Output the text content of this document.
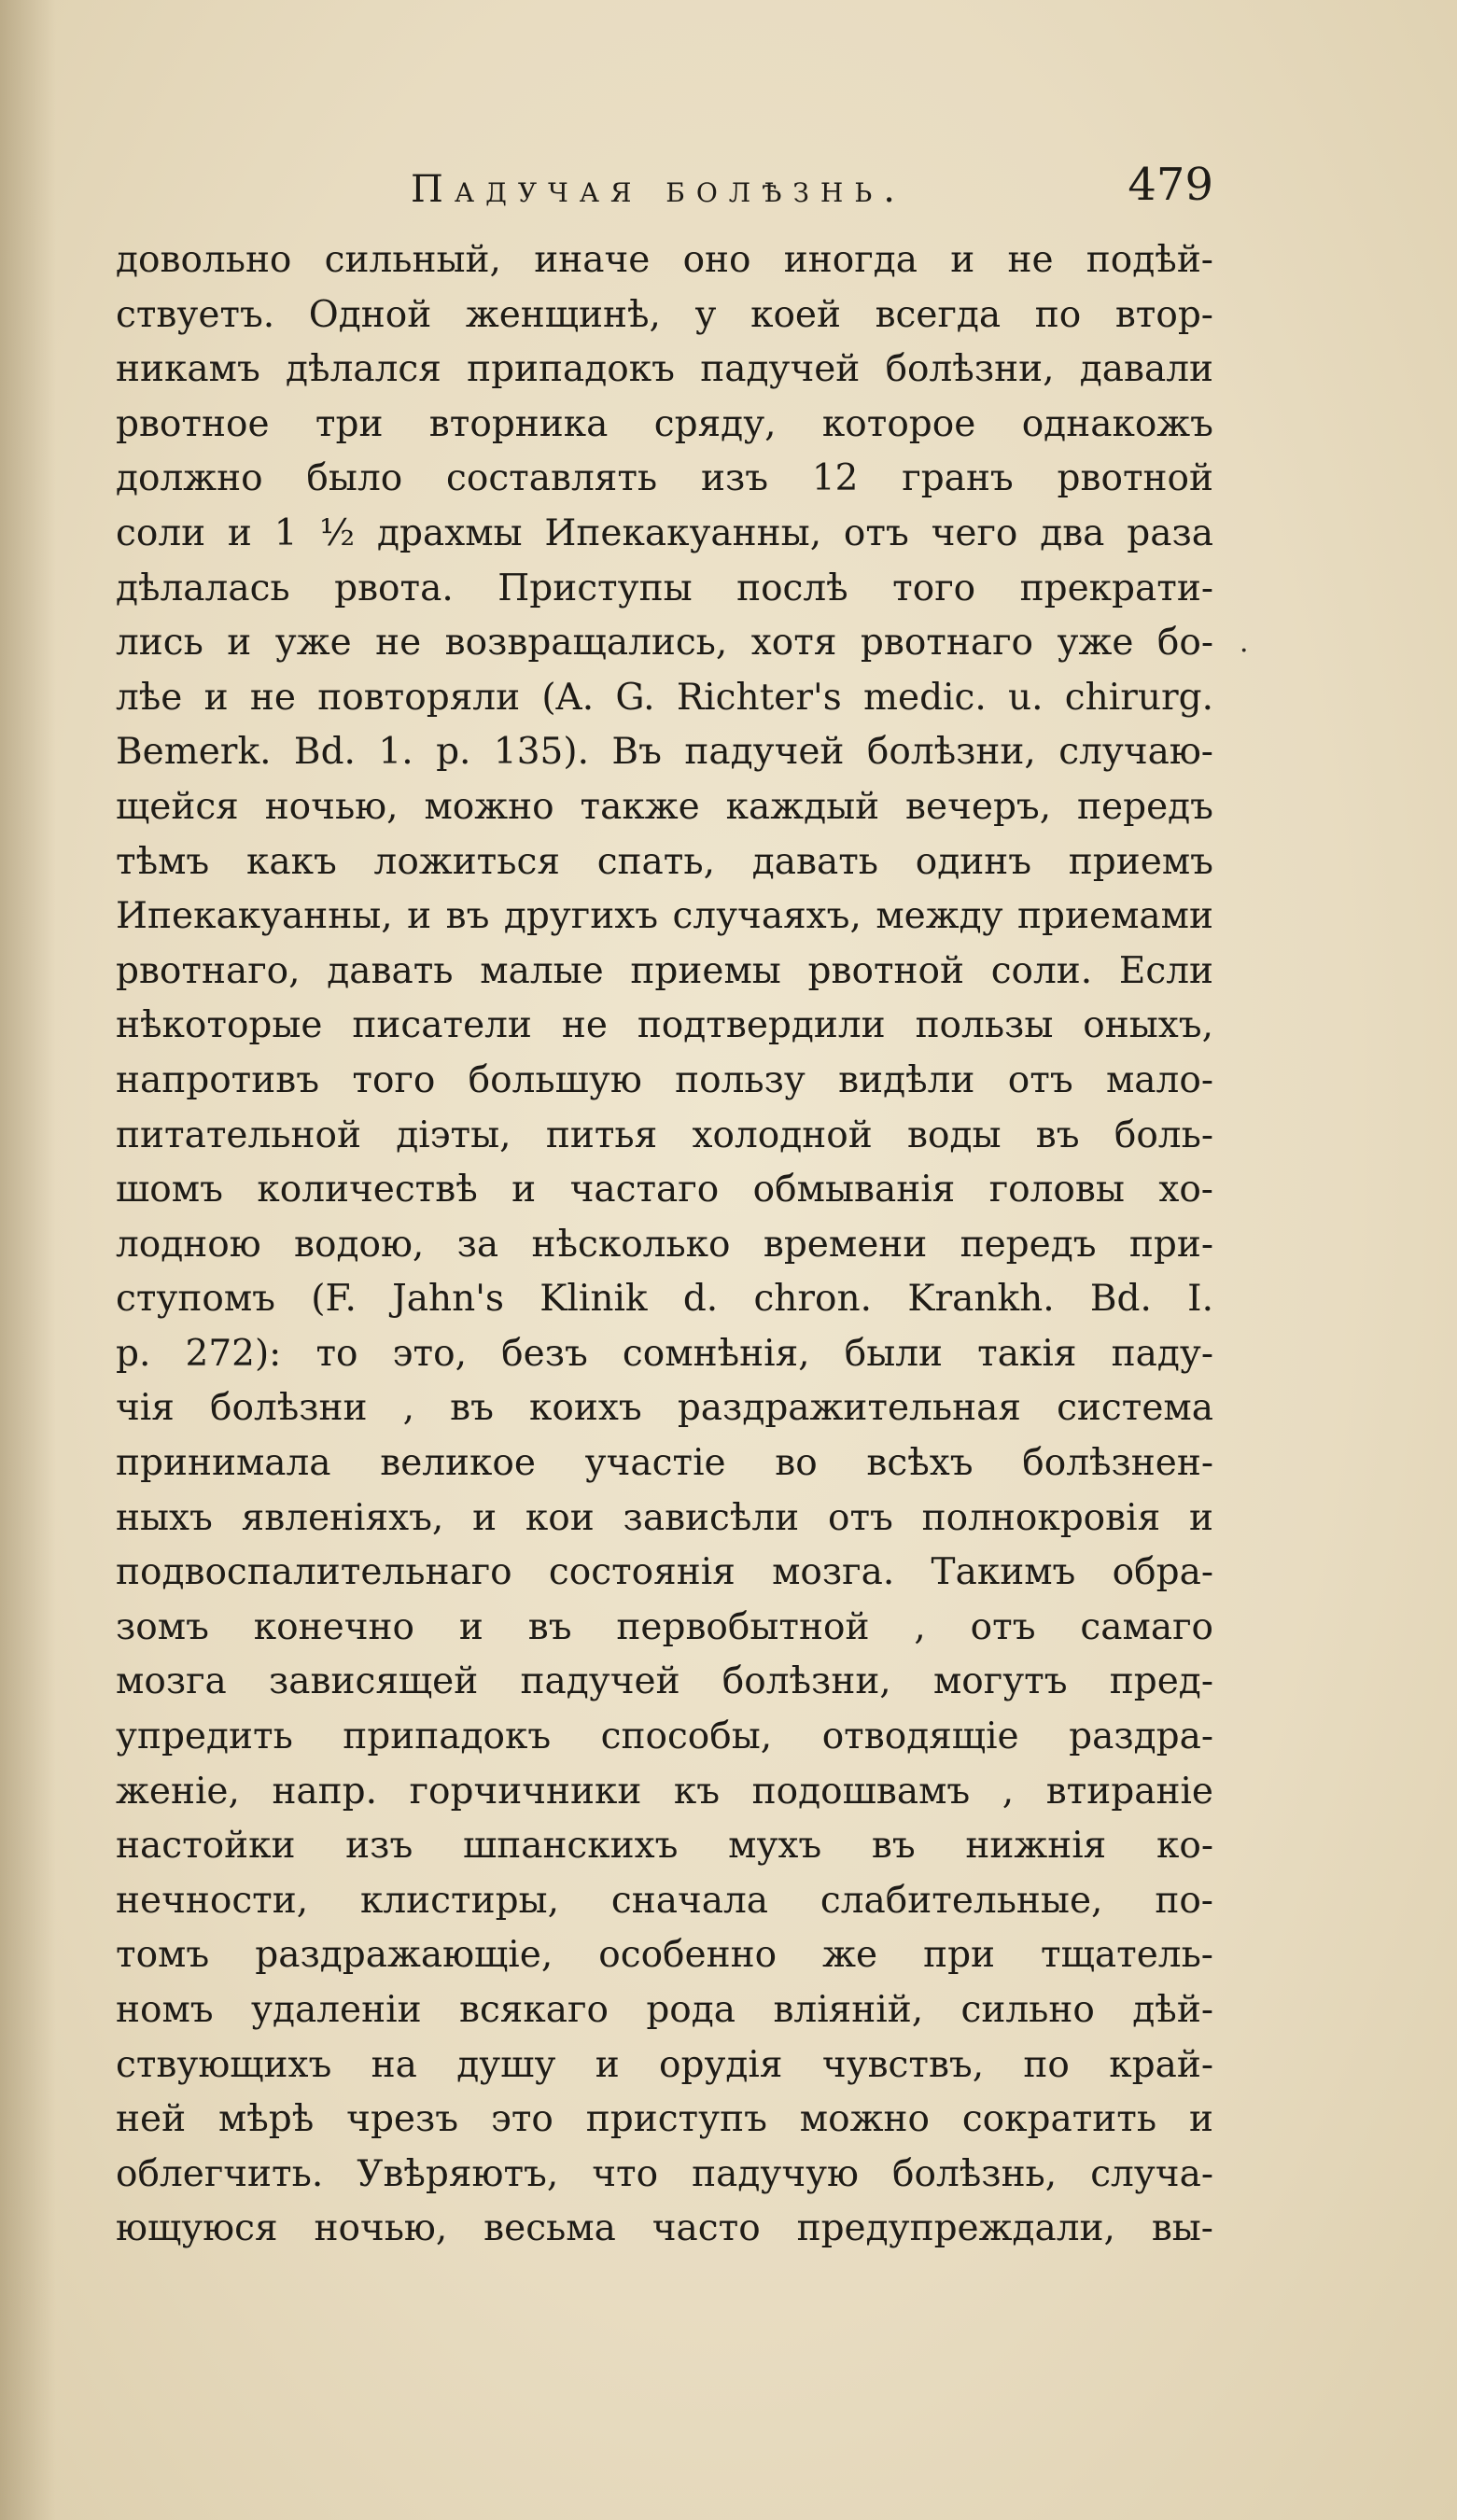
Падучая болѣзнь.	479
·
довольно сильный, иначе оно иногда и не подѣй-
ствуетъ. Одной женщинѣ, у коей всегда по втор-
никамъ дѣлался припадокъ падучей болѣзни, давали
рвотное три вторника сряду, которое однакожъ
должно было составлять изъ 12 гранъ рвотной
соли и 1 ½ драхмы Ипекакуанны, отъ чего два раза
дѣлалась рвота. Приступы послѣ того прекрати-
лись и уже не возвращались, хотя рвотнаго уже бо-
лѣе и не повторяли (A. G. Richter's medic. u. chirurg.
Bemerk. Bd. 1. p. 135). Въ падучей болѣзни, случаю-
щейся ночью, можно также каждый вечеръ, передъ
тѣмъ какъ ложиться спать, давать одинъ приемъ
Ипекакуанны, и въ другихъ случаяхъ, между приемами
рвотнаго, давать малые приемы рвотной соли. Если
нѣкоторые писатели не подтвердили пользы оныхъ,
напротивъ того большую пользу видѣли отъ мало-
питательной діэты, питья холодной воды въ боль-
шомъ количествѣ и частаго обмыванія головы хо-
лодною водою, за нѣсколько времени передъ при-
ступомъ (F. Jahn's Klinik d. chron. Krankh. Bd. I.
p. 272): то это, безъ сомнѣнія, были такія паду-
чія болѣзни , въ коихъ раздражительная система
принимала великое участіе во всѣхъ болѣзнен-
ныхъ явленіяхъ, и кои зависѣли отъ полнокровія и
подвоспалительнаго состоянія мозга. Такимъ обра-
зомъ конечно и въ первобытной , отъ самаго
мозга зависящей падучей болѣзни, могутъ пред-
упредить припадокъ способы, отводящіе раздра-
женіе, напр. горчичники къ подошвамъ , втираніе
настойки изъ шпанскихъ мухъ въ нижнія ко-
нечности, клистиры, сначала слабительные, по-
томъ раздражающіе, особенно же при тщатель-
номъ удаленіи всякаго рода вліяній, сильно дѣй-
ствующихъ на душу и орудія чувствъ, по край-
ней мѣрѣ чрезъ это приступъ можно сократить и
облегчить. Увѣряютъ, что падучую болѣзнь, случа-
ющуюся ночью, весьма часто предупреждали, вы-
